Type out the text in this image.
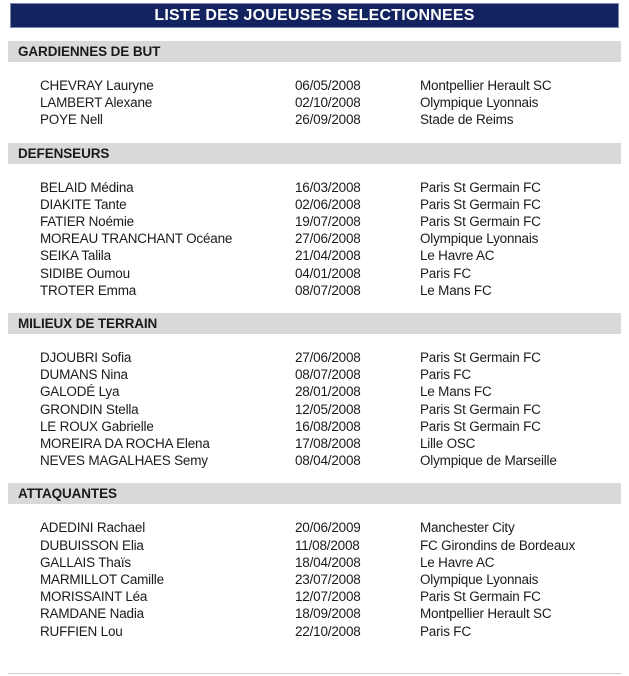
LISTE DES JOUEUSES SELECTIONNEES
GARDIENNES DE BUT
CHEVRAY Lauryne	06/05/2008	Montpellier Herault SC
LAMBERT Alexane	02/10/2008	Olympique Lyonnais
POYE Nell	26/09/2008	Stade de Reims
DEFENSEURS
BELAID Médina	16/03/2008	Paris St Germain FC
DIAKITE Tante	02/06/2008	Paris St Germain FC
FATIER Noémie	19/07/2008	Paris St Germain FC
MOREAU TRANCHANT Océane	27/06/2008	Olympique Lyonnais
SEIKA Talila	21/04/2008	Le Havre AC
SIDIBE Oumou	04/01/2008	Paris FC
TROTER Emma	08/07/2008	Le Mans FC
MILIEUX DE TERRAIN
DJOUBRI Sofia	27/06/2008	Paris St Germain FC
DUMANS Nina	08/07/2008	Paris FC
GALODÉ Lya	28/01/2008	Le Mans FC
GRONDIN Stella	12/05/2008	Paris St Germain FC
LE ROUX Gabrielle	16/08/2008	Paris St Germain FC
MOREIRA DA ROCHA Elena	17/08/2008	Lille OSC
NEVES MAGALHAES Semy	08/04/2008	Olympique de Marseille
ATTAQUANTES
ADEDINI Rachael	20/06/2009	Manchester City
DUBUISSON Elia	11/08/2008	FC Girondins de Bordeaux
GALLAIS Thaïs	18/04/2008	Le Havre AC
MARMILLOT Camille	23/07/2008	Olympique Lyonnais
MORISSAINT Léa	12/07/2008	Paris St Germain FC
RAMDANE Nadia	18/09/2008	Montpellier Herault SC
RUFFIEN Lou	22/10/2008	Paris FC
